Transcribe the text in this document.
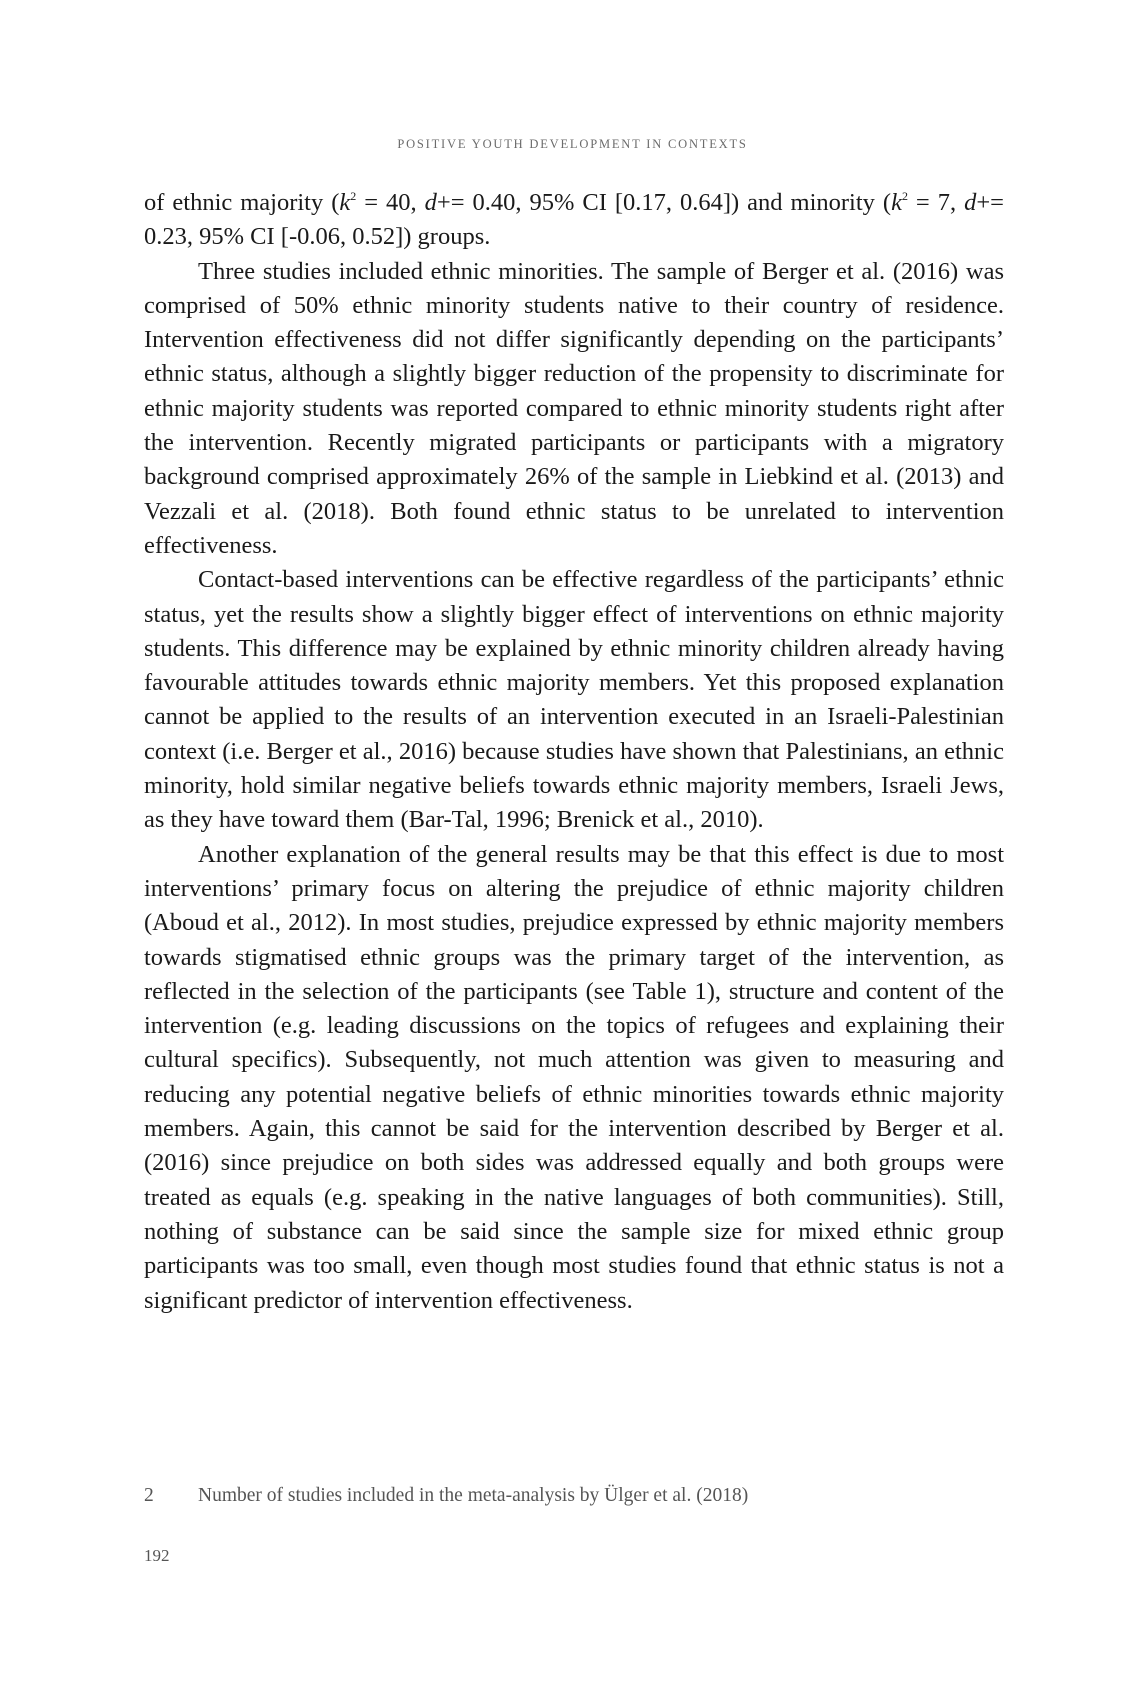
POSITIVE YOUTH DEVELOPMENT IN CONTEXTS

of ethnic majority ($k^2 = 40$, d+= 0.40, 95% CI [0.17, 0.64]) and minority ($k^2 = 7$, d+= 0.23, 95% CI [-0.06, 0.52]) groups.

Three studies included ethnic minorities. The sample of Berger et al. (2016) was comprised of 50% ethnic minority students native to their country of residence. Intervention effectiveness did not differ significantly depending on the participants’ ethnic status, although a slightly bigger reduction of the propensity to discriminate for ethnic majority students was reported compared to ethnic minority students right after the intervention. Recently migrated participants or participants with a migratory background comprised approximately 26% of the sample in Liebkind et al. (2013) and Vezzali et al. (2018). Both found ethnic status to be unrelated to intervention effectiveness.

Contact-based interventions can be effective regardless of the participants’ ethnic status, yet the results show a slightly bigger effect of interventions on ethnic majority students. This difference may be explained by ethnic minority children already having favourable attitudes towards ethnic majority members. Yet this proposed explanation cannot be applied to the results of an intervention executed in an Israeli-Palestinian context (i.e. Berger et al., 2016) because studies have shown that Palestinians, an ethnic minority, hold similar negative beliefs towards ethnic majority members, Israeli Jews, as they have toward them (Bar-Tal, 1996; Brenick et al., 2010).

Another explanation of the general results may be that this effect is due to most interventions’ primary focus on altering the prejudice of ethnic majority children (Aboud et al., 2012). In most studies, prejudice expressed by ethnic majority members towards stigmatised ethnic groups was the primary target of the intervention, as reflected in the selection of the participants (see Table 1), structure and content of the intervention (e.g. leading discussions on the topics of refugees and explaining their cultural specifics). Subsequently, not much attention was given to measuring and reducing any potential negative beliefs of ethnic minorities towards ethnic majority members. Again, this cannot be said for the intervention described by Berger et al. (2016) since prejudice on both sides was addressed equally and both groups were treated as equals (e.g. speaking in the native languages of both communities). Still, nothing of substance can be said since the sample size for mixed ethnic group participants was too small, even though most studies found that ethnic status is not a significant predictor of intervention effectiveness.

2 Number of studies included in the meta-analysis by Ülger et al. (2018)
192
